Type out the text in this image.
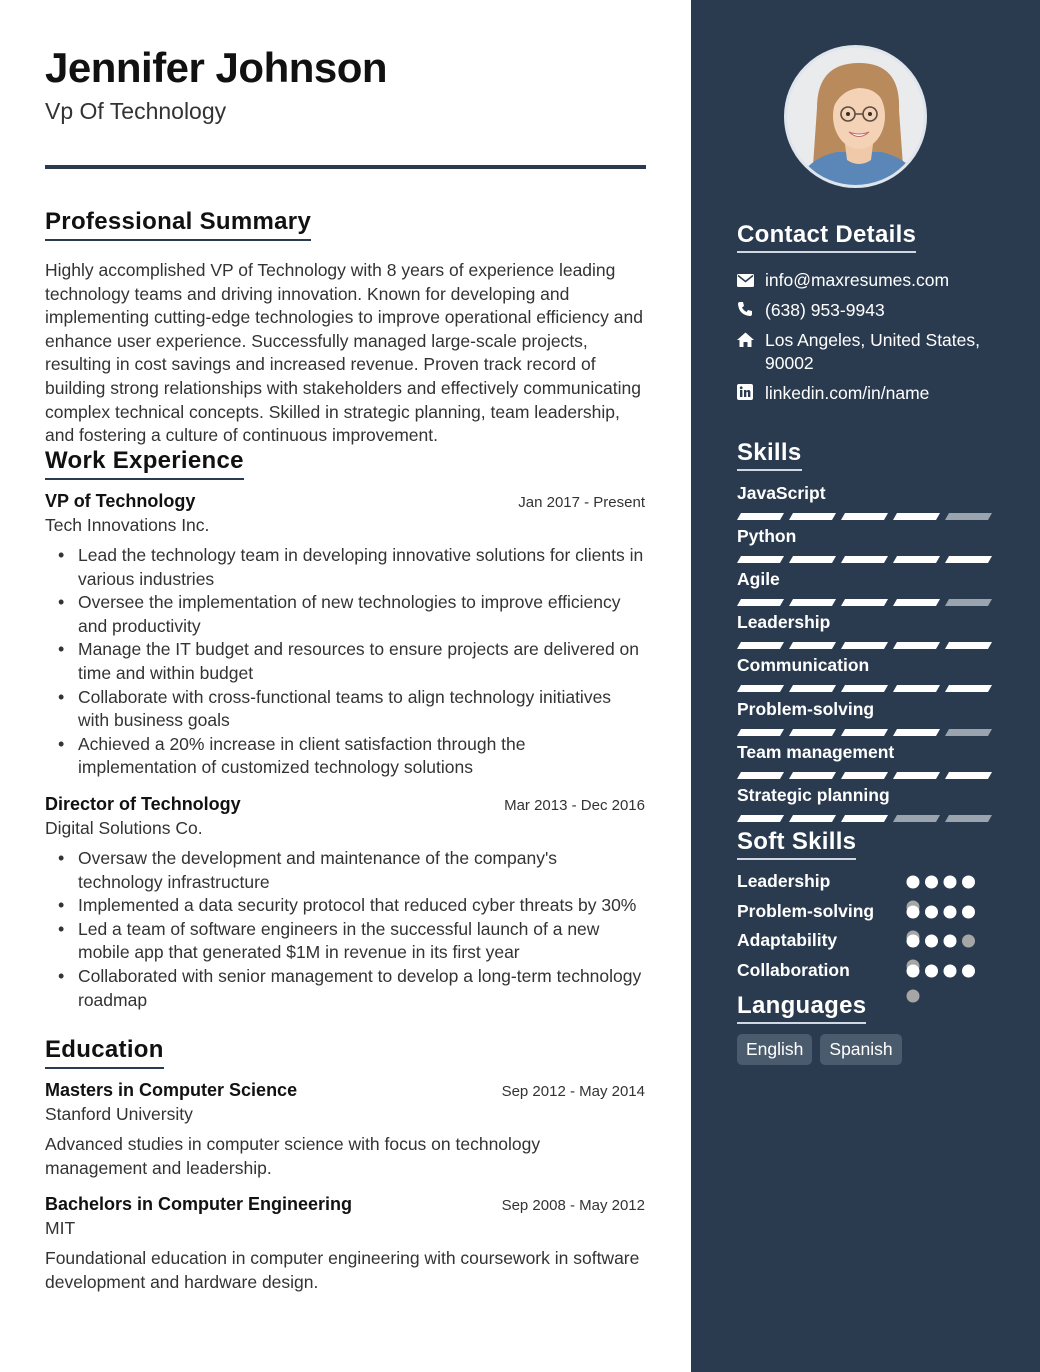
Jennifer Johnson
Vp Of Technology
Professional Summary
Highly accomplished VP of Technology with 8 years of experience leading technology teams and driving innovation. Known for developing and implementing cutting-edge technologies to improve operational efficiency and enhance user experience. Successfully managed large-scale projects, resulting in cost savings and increased revenue. Proven track record of building strong relationships with stakeholders and effectively communicating complex technical concepts. Skilled in strategic planning, team leadership, and fostering a culture of continuous improvement.
Work Experience
VP of Technology	Jan 2017 - Present
Tech Innovations Inc.
• Lead the technology team in developing innovative solutions for clients in various industries
• Oversee the implementation of new technologies to improve efficiency and productivity
• Manage the IT budget and resources to ensure projects are delivered on time and within budget
• Collaborate with cross-functional teams to align technology initiatives with business goals
• Achieved a 20% increase in client satisfaction through the implementation of customized technology solutions
Director of Technology	Mar 2013 - Dec 2016
Digital Solutions Co.
• Oversaw the development and maintenance of the company's technology infrastructure
• Implemented a data security protocol that reduced cyber threats by 30%
• Led a team of software engineers in the successful launch of a new mobile app that generated $1M in revenue in its first year
• Collaborated with senior management to develop a long-term technology roadmap
Education
Masters in Computer Science	Sep 2012 - May 2014
Stanford University
Advanced studies in computer science with focus on technology management and leadership.
Bachelors in Computer Engineering	Sep 2008 - May 2012
MIT
Foundational education in computer engineering with coursework in software development and hardware design.
Contact Details
info@maxresumes.com
(638) 953-9943
Los Angeles, United States, 90002
linkedin.com/in/name
Skills
JavaScript
Python
Agile
Leadership
Communication
Problem-solving
Team management
Strategic planning
Soft Skills
Leadership
Problem-solving
Adaptability
Collaboration
Languages
English	Spanish
